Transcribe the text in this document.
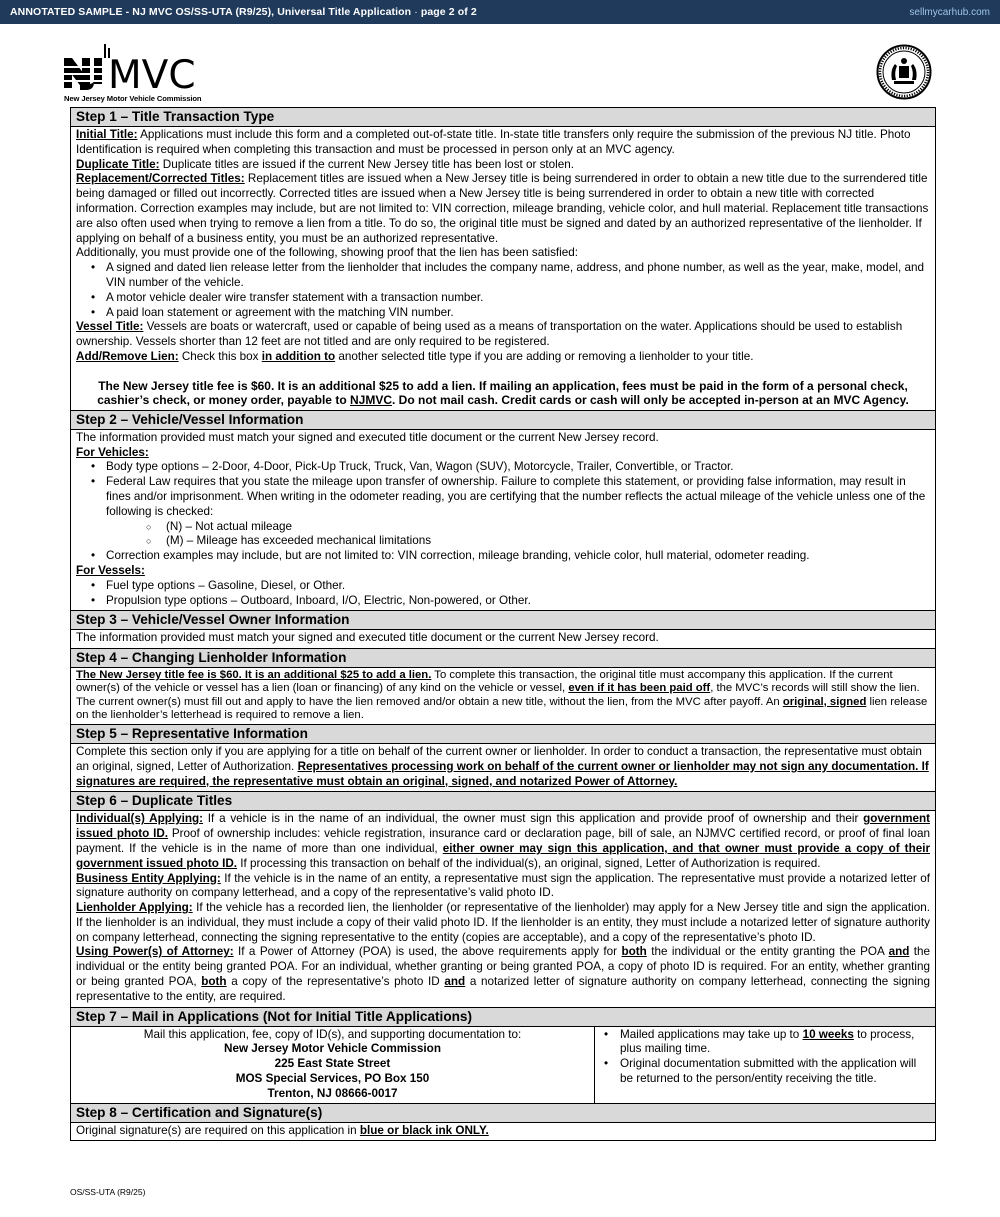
ANNOTATED SAMPLE - NJ MVC OS/SS-UTA (R9/25), Universal Title Application · page 2 of 2	sellmycarhub.com
MVC
New Jersey Motor Vehicle Commission
Step 1 – Title Transaction Type
Initial Title: Applications must include this form and a completed out-of-state title. In-state title transfers only require the submission of the previous NJ title. Photo Identification is required when completing this transaction and must be processed in person only at an MVC agency.
Duplicate Title: Duplicate titles are issued if the current New Jersey title has been lost or stolen.
Replacement/Corrected Titles: Replacement titles are issued when a New Jersey title is being surrendered in order to obtain a new title due to the surrendered title being damaged or filled out incorrectly. Corrected titles are issued when a New Jersey title is being surrendered in order to obtain a new title with corrected information. Correction examples may include, but are not limited to: VIN correction, mileage branding, vehicle color, and hull material. Replacement title transactions are also often used when trying to remove a lien from a title. To do so, the original title must be signed and dated by an authorized representative of the lienholder. If applying on behalf of a business entity, you must be an authorized representative.
Additionally, you must provide one of the following, showing proof that the lien has been satisfied:
• A signed and dated lien release letter from the lienholder that includes the company name, address, and phone number, as well as the year, make, model, and VIN number of the vehicle.
• A motor vehicle dealer wire transfer statement with a transaction number.
• A paid loan statement or agreement with the matching VIN number.
Vessel Title: Vessels are boats or watercraft, used or capable of being used as a means of transportation on the water. Applications should be used to establish ownership. Vessels shorter than 12 feet are not titled and are only required to be registered.
Add/Remove Lien: Check this box in addition to another selected title type if you are adding or removing a lienholder to your title.
The New Jersey title fee is $60. It is an additional $25 to add a lien. If mailing an application, fees must be paid in the form of a personal check, cashier’s check, or money order, payable to NJMVC. Do not mail cash. Credit cards or cash will only be accepted in-person at an MVC Agency.
Step 2 – Vehicle/Vessel Information
The information provided must match your signed and executed title document or the current New Jersey record.
For Vehicles:
• Body type options – 2-Door, 4-Door, Pick-Up Truck, Truck, Van, Wagon (SUV), Motorcycle, Trailer, Convertible, or Tractor.
• Federal Law requires that you state the mileage upon transfer of ownership. Failure to complete this statement, or providing false information, may result in fines and/or imprisonment. When writing in the odometer reading, you are certifying that the number reflects the actual mileage of the vehicle unless one of the following is checked:
○ (N) – Not actual mileage
○ (M) – Mileage has exceeded mechanical limitations
• Correction examples may include, but are not limited to: VIN correction, mileage branding, vehicle color, hull material, odometer reading.
For Vessels:
• Fuel type options – Gasoline, Diesel, or Other.
• Propulsion type options – Outboard, Inboard, I/O, Electric, Non-powered, or Other.
Step 3 – Vehicle/Vessel Owner Information
The information provided must match your signed and executed title document or the current New Jersey record.
Step 4 – Changing Lienholder Information
The New Jersey title fee is $60. It is an additional $25 to add a lien. To complete this transaction, the original title must accompany this application. If the current owner(s) of the vehicle or vessel has a lien (loan or financing) of any kind on the vehicle or vessel, even if it has been paid off, the MVC’s records will still show the lien. The current owner(s) must fill out and apply to have the lien removed and/or obtain a new title, without the lien, from the MVC after payoff. An original, signed lien release on the lienholder’s letterhead is required to remove a lien.
Step 5 – Representative Information
Complete this section only if you are applying for a title on behalf of the current owner or lienholder. In order to conduct a transaction, the representative must obtain an original, signed, Letter of Authorization. Representatives processing work on behalf of the current owner or lienholder may not sign any documentation. If signatures are required, the representative must obtain an original, signed, and notarized Power of Attorney.
Step 6 – Duplicate Titles
Individual(s) Applying: If a vehicle is in the name of an individual, the owner must sign this application and provide proof of ownership and their government issued photo ID. Proof of ownership includes: vehicle registration, insurance card or declaration page, bill of sale, an NJMVC certified record, or proof of final loan payment. If the vehicle is in the name of more than one individual, either owner may sign this application, and that owner must provide a copy of their government issued photo ID. If processing this transaction on behalf of the individual(s), an original, signed, Letter of Authorization is required.
Business Entity Applying: If the vehicle is in the name of an entity, a representative must sign the application. The representative must provide a notarized letter of signature authority on company letterhead, and a copy of the representative’s valid photo ID.
Lienholder Applying: If the vehicle has a recorded lien, the lienholder (or representative of the lienholder) may apply for a New Jersey title and sign the application. If the lienholder is an individual, they must include a copy of their valid photo ID. If the lienholder is an entity, they must include a notarized letter of signature authority on company letterhead, connecting the signing representative to the entity (copies are acceptable), and a copy of the representative’s photo ID.
Using Power(s) of Attorney: If a Power of Attorney (POA) is used, the above requirements apply for both the individual or the entity granting the POA and the individual or the entity being granted POA. For an individual, whether granting or being granted POA, a copy of photo ID is required. For an entity, whether granting or being granted POA, both a copy of the representative’s photo ID and a notarized letter of signature authority on company letterhead, connecting the signing representative to the entity, are required.
Step 7 – Mail in Applications (Not for Initial Title Applications)
Mail this application, fee, copy of ID(s), and supporting documentation to:
New Jersey Motor Vehicle Commission
225 East State Street
MOS Special Services, PO Box 150
Trenton, NJ 08666-0017
• Mailed applications may take up to 10 weeks to process, plus mailing time.
• Original documentation submitted with the application will be returned to the person/entity receiving the title.
Step 8 – Certification and Signature(s)
Original signature(s) are required on this application in blue or black ink ONLY.
OS/SS-UTA (R9/25)
